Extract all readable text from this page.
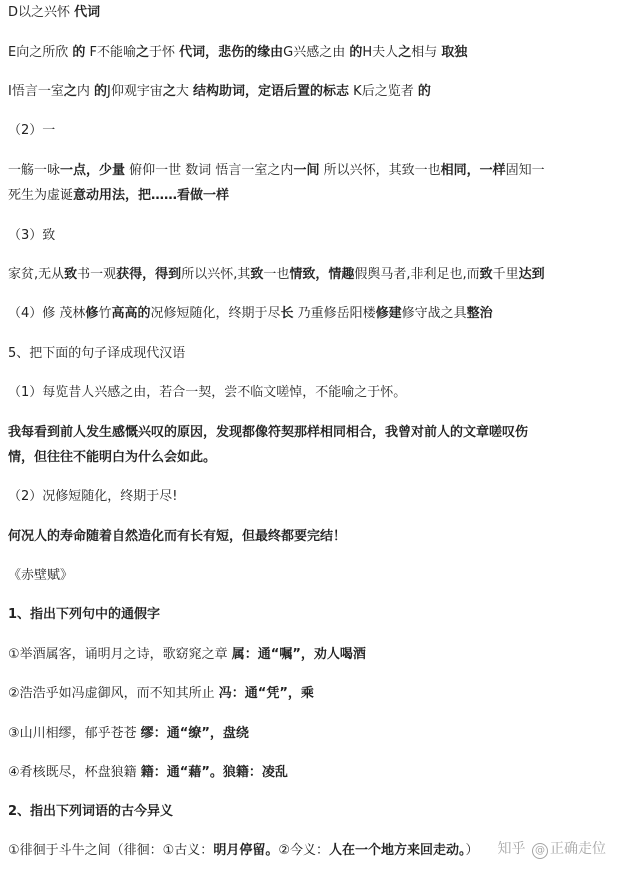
D以之兴怀 代词
E向之所欣 的 F不能喻之于怀 代词，悲伤的缘由G兴感之由 的H夫人之相与 取独
I悟言一室之内 的J仰观宇宙之大 结构助词，定语后置的标志 K后之览者 的
（2）一
一觞一咏一点，少量 俯仰一世 数词 悟言一室之内一间 所以兴怀，其致一也相同，一样固知一
死生为虚诞意动用法，把……看做一样
（3）致
家贫,无从致书一观获得，得到所以兴怀,其致一也情致，情趣假舆马者,非利足也,而致千里达到
（4）修 茂林修竹高高的况修短随化，终期于尽长 乃重修岳阳楼修建修守战之具整治
5、把下面的句子译成现代汉语
（1）每览昔人兴感之由，若合一契，尝不临文嗟悼，不能喻之于怀。
我每看到前人发生感慨兴叹的原因，发现都像符契那样相同相合，我曾对前人的文章嗟叹伤
情，但往往不能明白为什么会如此。
（2）况修短随化，终期于尽!
何况人的寿命随着自然造化而有长有短，但最终都要完结！
《赤壁赋》
1、指出下列句中的通假字
①举酒属客，诵明月之诗，歌窈窕之章 属：通“嘱”，劝人喝酒
②浩浩乎如冯虚御风，而不知其所止 冯：通“凭”，乘
③山川相缪，郁乎苍苍 缪：通“缭”，盘绕
④肴核既尽，杯盘狼籍 籍：通“藉”。狼籍：凌乱
2、指出下列词语的古今异义
①徘徊于斗牛之间（徘徊：①古义：明月停留。②今义：人在一个地方来回走动。）	知乎 @ 正确走位
